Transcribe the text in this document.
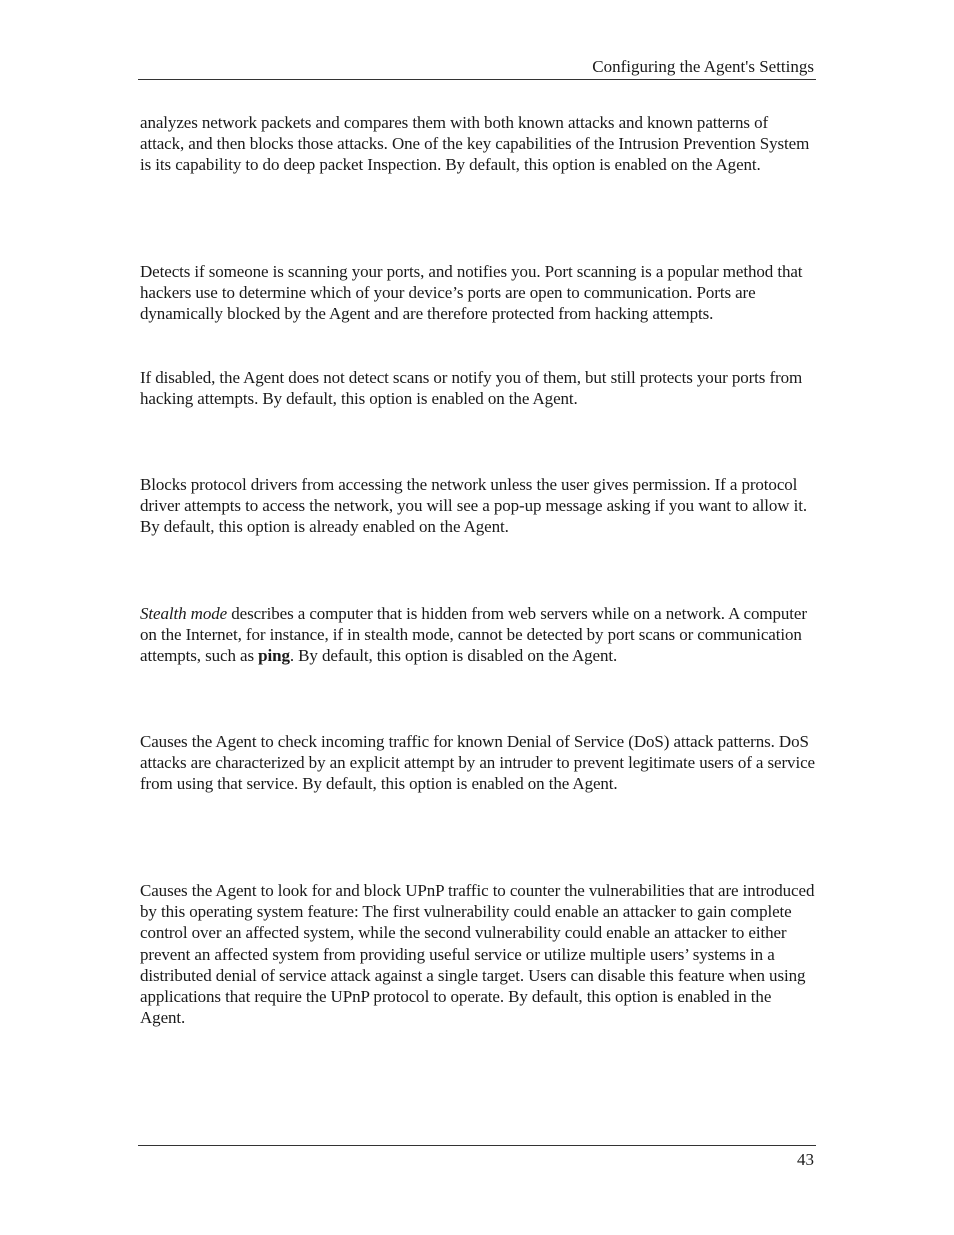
Configuring the Agent's Settings

analyzes network packets and compares them with both known attacks and known patterns of attack, and then blocks those attacks. One of the key capabilities of the Intrusion Prevention System is its capability to do deep packet Inspection. By default, this option is enabled on the Agent.

Detects if someone is scanning your ports, and notifies you. Port scanning is a popular method that hackers use to determine which of your device’s ports are open to communication. Ports are dynamically blocked by the Agent and are therefore protected from hacking attempts.

If disabled, the Agent does not detect scans or notify you of them, but still protects your ports from hacking attempts. By default, this option is enabled on the Agent.

Blocks protocol drivers from accessing the network unless the user gives permission. If a protocol driver attempts to access the network, you will see a pop-up message asking if you want to allow it. By default, this option is already enabled on the Agent.

Stealth mode describes a computer that is hidden from web servers while on a network. A computer on the Internet, for instance, if in stealth mode, cannot be detected by port scans or communication attempts, such as ping. By default, this option is disabled on the Agent.

Causes the Agent to check incoming traffic for known Denial of Service (DoS) attack patterns. DoS attacks are characterized by an explicit attempt by an intruder to prevent legitimate users of a service from using that service. By default, this option is enabled on the Agent.

Causes the Agent to look for and block UPnP traffic to counter the vulnerabilities that are introduced by this operating system feature: The first vulnerability could enable an attacker to gain complete control over an affected system, while the second vulnerability could enable an attacker to either prevent an affected system from providing useful service or utilize multiple users’ systems in a distributed denial of service attack against a single target. Users can disable this feature when using applications that require the UPnP protocol to operate. By default, this option is enabled in the Agent.

43
